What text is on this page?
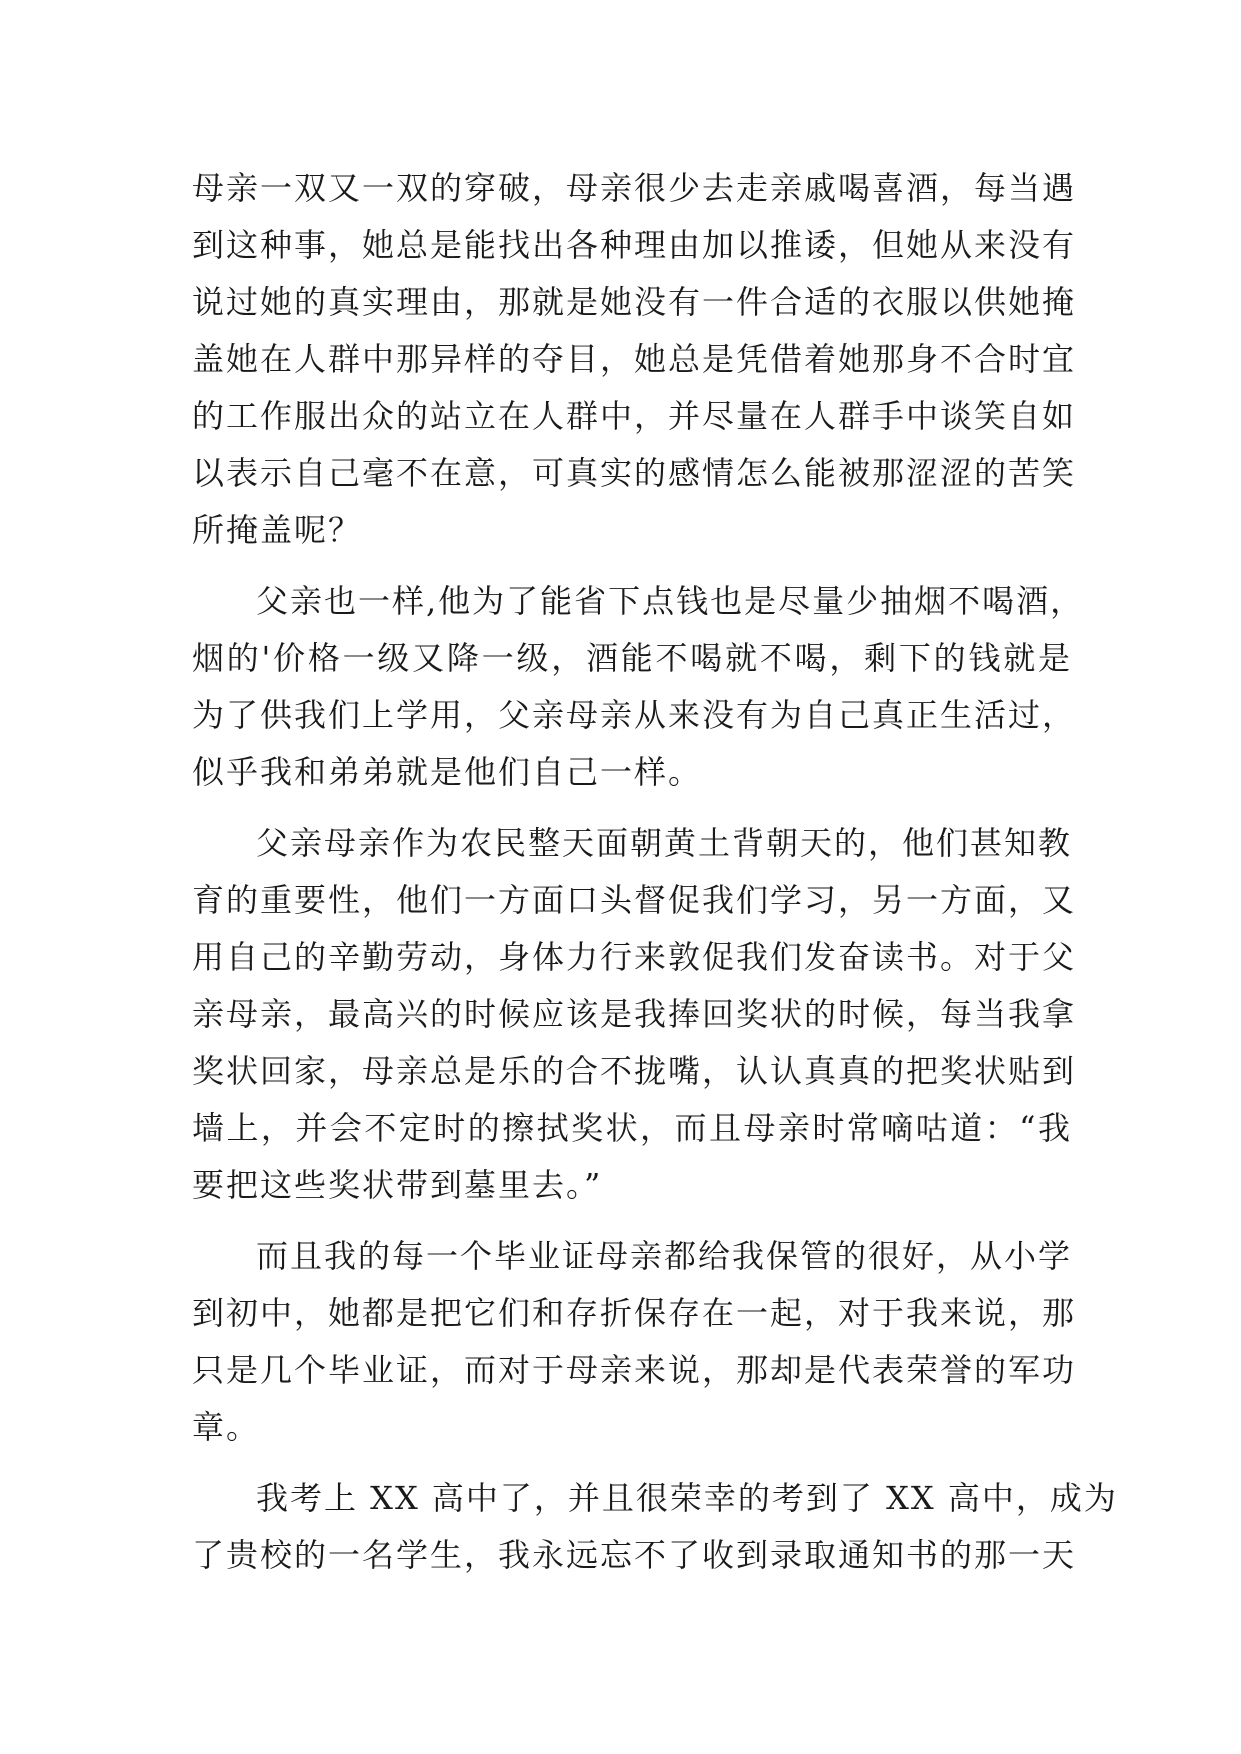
母亲一双又一双的穿破，母亲很少去走亲戚喝喜酒，每当遇
到这种事，她总是能找出各种理由加以推诿，但她从来没有
说过她的真实理由，那就是她没有一件合适的衣服以供她掩
盖她在人群中那异样的夺目，她总是凭借着她那身不合时宜
的工作服出众的站立在人群中，并尽量在人群手中谈笑自如
以表示自己毫不在意，可真实的感情怎么能被那涩涩的苦笑
所掩盖呢？
父亲也一样,他为了能省下点钱也是尽量少抽烟不喝酒，
烟的'价格一级又降一级，酒能不喝就不喝，剩下的钱就是
为了供我们上学用，父亲母亲从来没有为自己真正生活过，
似乎我和弟弟就是他们自己一样。
父亲母亲作为农民整天面朝黄土背朝天的，他们甚知教
育的重要性，他们一方面口头督促我们学习，另一方面，又
用自己的辛勤劳动，身体力行来敦促我们发奋读书。对于父
亲母亲，最高兴的时候应该是我捧回奖状的时候，每当我拿
奖状回家，母亲总是乐的合不拢嘴，认认真真的把奖状贴到
墙上，并会不定时的擦拭奖状，而且母亲时常嘀咕道：“我
要把这些奖状带到墓里去。”
而且我的每一个毕业证母亲都给我保管的很好，从小学
到初中，她都是把它们和存折保存在一起，对于我来说，那
只是几个毕业证，而对于母亲来说，那却是代表荣誉的军功
章。
我考上 XX 高中了，并且很荣幸的考到了 XX 高中，成为
了贵校的一名学生，我永远忘不了收到录取通知书的那一天
